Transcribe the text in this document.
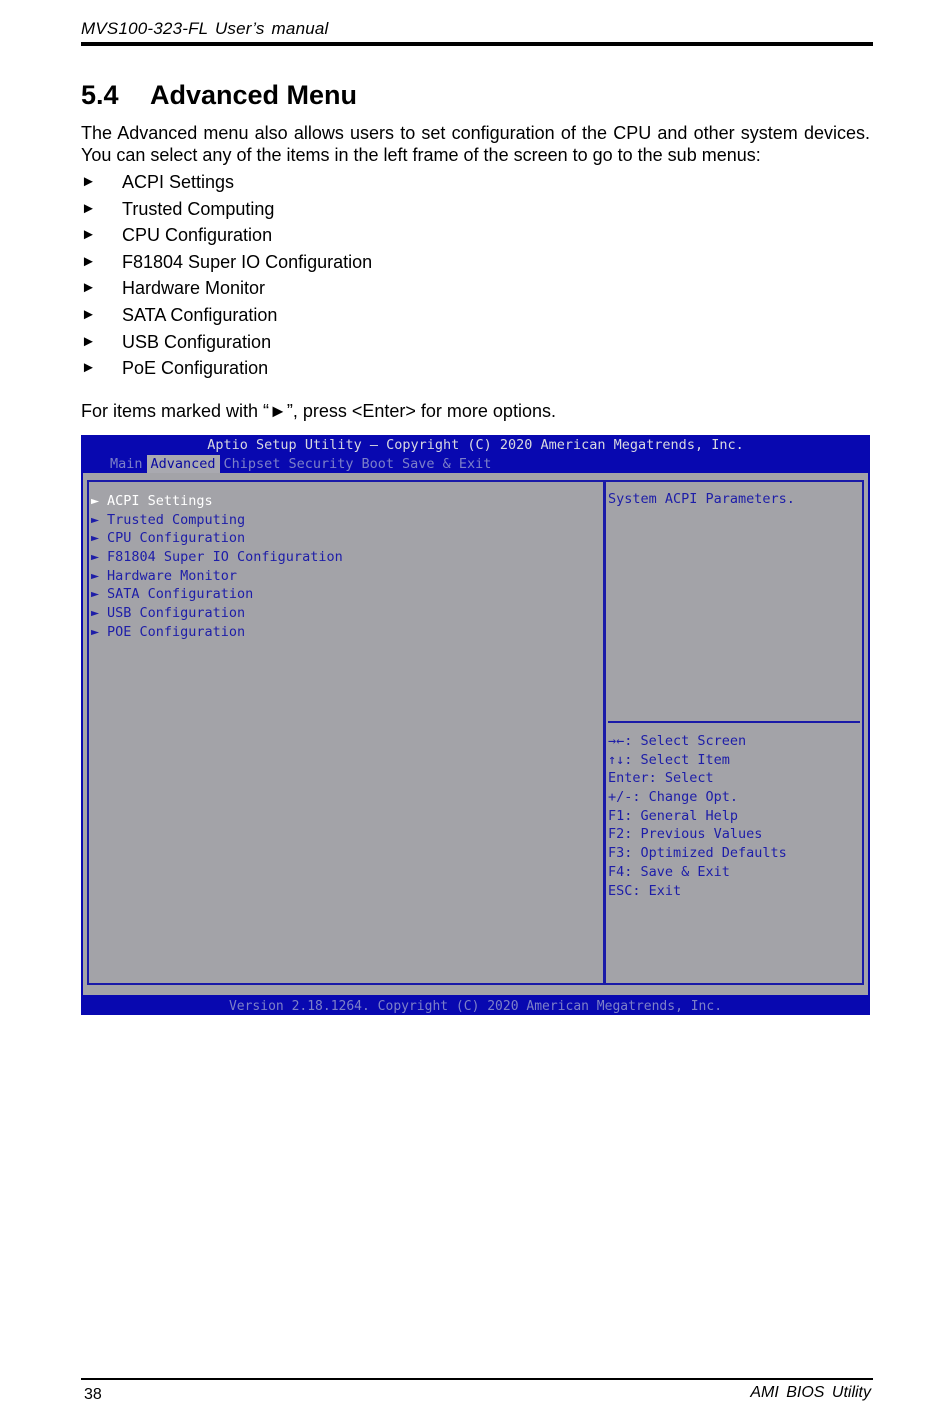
MVS100-323-FL User’s manual
5.4 Advanced Menu

The Advanced menu also allows users to set configuration of the CPU and other system devices. You can select any of the items in the left frame of the screen to go to the sub menus:

►	ACPI Settings
►	Trusted Computing
►	CPU Configuration
►	F81804 Super IO Configuration
►	Hardware Monitor
►	SATA Configuration
►	USB Configuration
►	PoE Configuration

For items marked with “►”, press <Enter> for more options.

Aptio Setup Utility – Copyright (C) 2020 American Megatrends, Inc.
Main Advanced Chipset Security Boot Save & Exit
► ACPI Settings
► Trusted Computing
► CPU Configuration
► F81804 Super IO Configuration
► Hardware Monitor
► SATA Configuration
► USB Configuration
► POE Configuration
System ACPI Parameters.
→←: Select Screen
↑↓: Select Item
Enter: Select
+/-: Change Opt.
F1: General Help
F2: Previous Values
F3: Optimized Defaults
F4: Save & Exit
ESC: Exit
Version 2.18.1264. Copyright (C) 2020 American Megatrends, Inc.
38	AMI BIOS Utility
